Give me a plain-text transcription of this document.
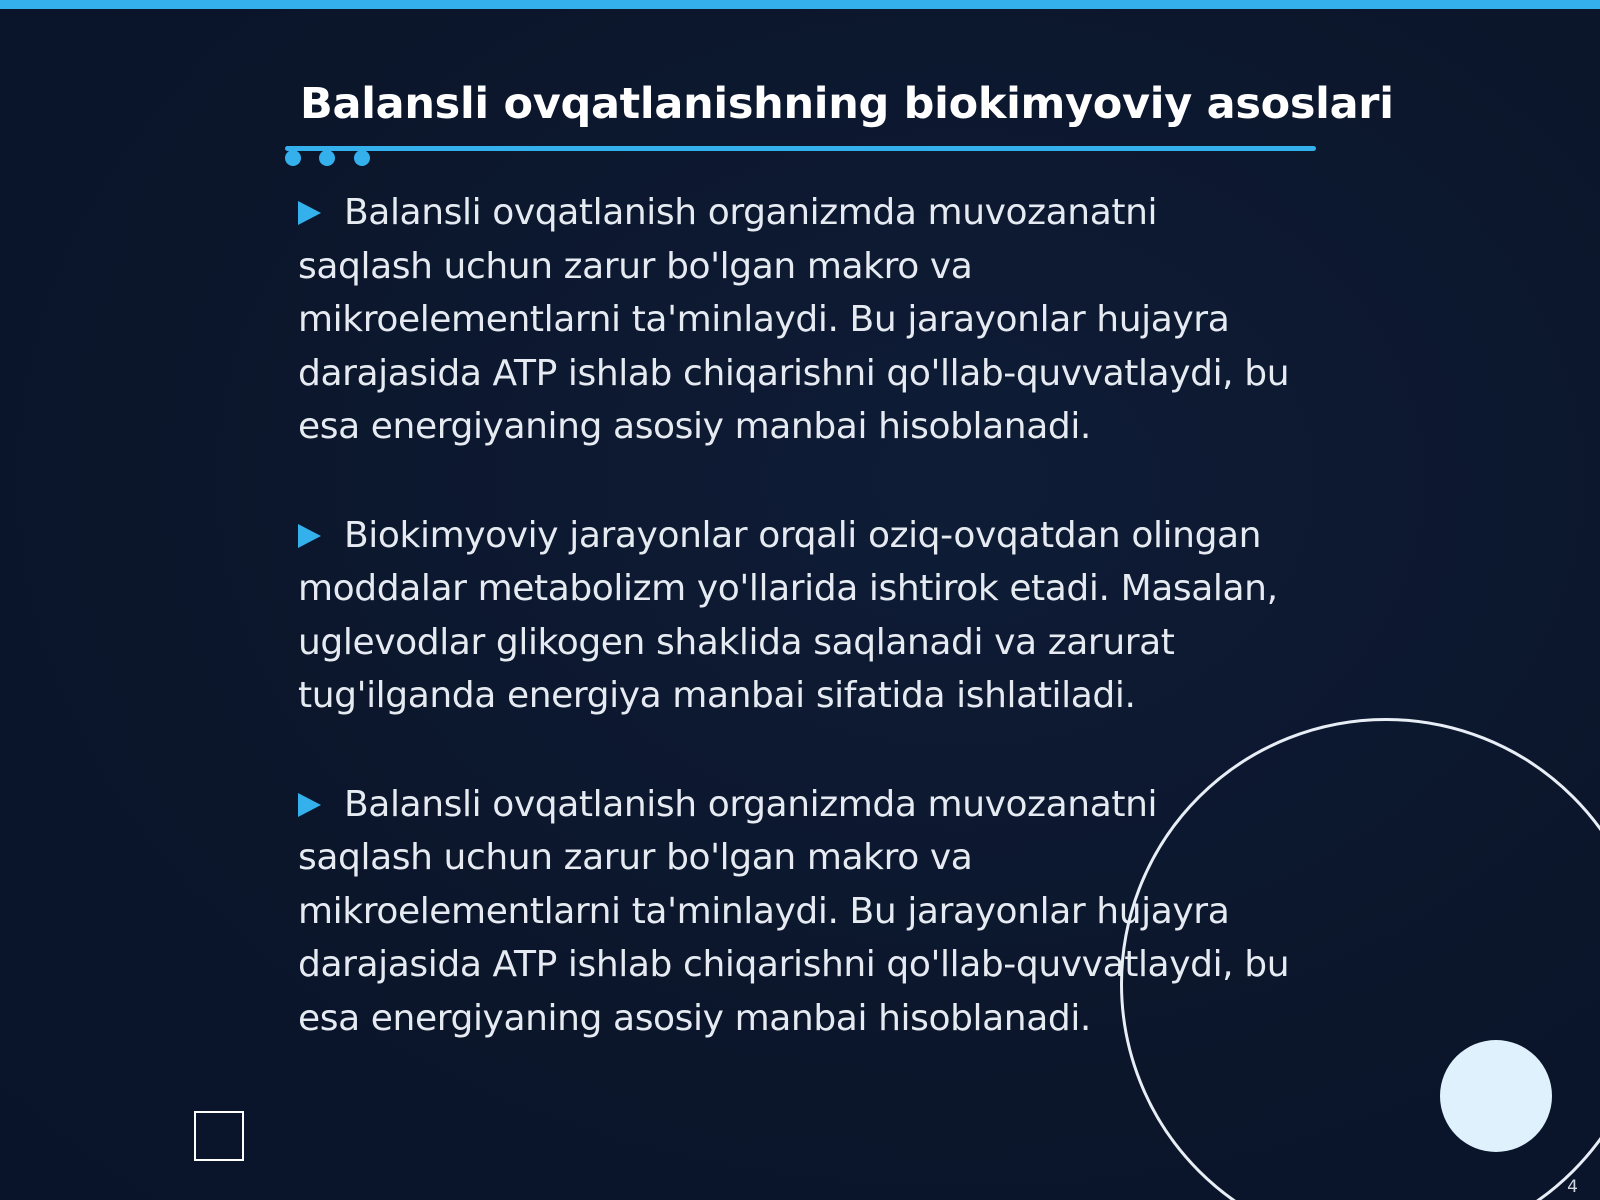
Balansli ovqatlanishning biokimyoviy asoslari

Balansli ovqatlanish organizmda muvozanatni saqlash uchun zarur bo'lgan makro va mikroelementlarni ta'minlaydi. Bu jarayonlar hujayra darajasida ATP ishlab chiqarishni qo'llab-quvvatlaydi, bu esa energiyaning asosiy manbai hisoblanadi.

Biokimyoviy jarayonlar orqali oziq-ovqatdan olingan moddalar metabolizm yo'llarida ishtirok etadi. Masalan, uglevodlar glikogen shaklida saqlanadi va zarurat tug'ilganda energiya manbai sifatida ishlatiladi.

Balansli ovqatlanish organizmda muvozanatni saqlash uchun zarur bo'lgan makro va mikroelementlarni ta'minlaydi. Bu jarayonlar hujayra darajasida ATP ishlab chiqarishni qo'llab-quvvatlaydi, bu esa energiyaning asosiy manbai hisoblanadi.

4
